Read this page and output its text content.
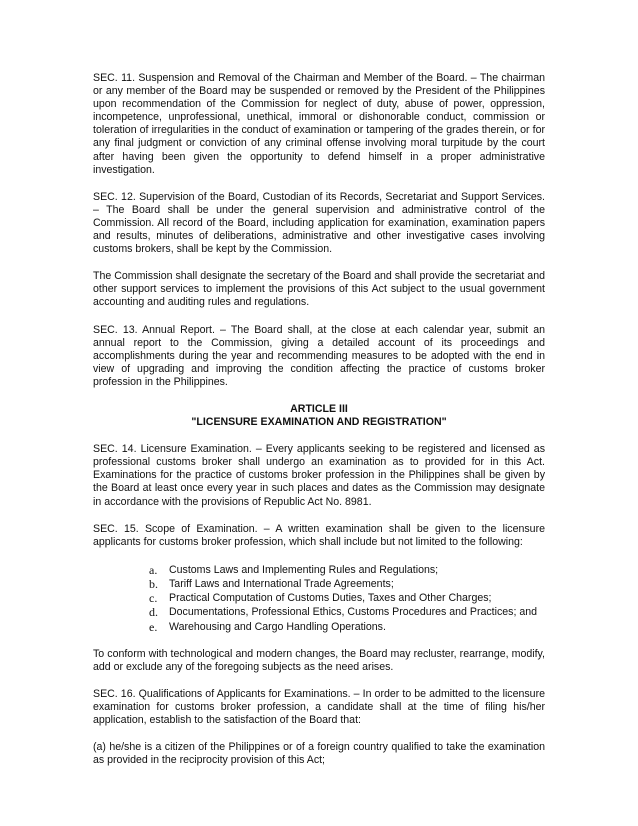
SEC. 11. Suspension and Removal of the Chairman and Member of the Board. – The chairman or any member of the Board may be suspended or removed by the President of the Philippines upon recommendation of the Commission for neglect of duty, abuse of power, oppression, incompetence, unprofessional, unethical, immoral or dishonorable conduct, commission or toleration of irregularities in the conduct of examination or tampering of the grades therein, or for any final judgment or conviction of any criminal offense involving moral turpitude by the court after having been given the opportunity to defend himself in a proper administrative investigation.

SEC. 12. Supervision of the Board, Custodian of its Records, Secretariat and Support Services. – The Board shall be under the general supervision and administrative control of the Commission. All record of the Board, including application for examination, examination papers and results, minutes of deliberations, administrative and other investigative cases involving customs brokers, shall be kept by the Commission.

The Commission shall designate the secretary of the Board and shall provide the secretariat and other support services to implement the provisions of this Act subject to the usual government accounting and auditing rules and regulations.

SEC. 13. Annual Report. – The Board shall, at the close at each calendar year, submit an annual report to the Commission, giving a detailed account of its proceedings and accomplishments during the year and recommending measures to be adopted with the end in view of upgrading and improving the condition affecting the practice of customs broker profession in the Philippines.

ARTICLE III
"LICENSURE EXAMINATION AND REGISTRATION"

SEC. 14. Licensure Examination. – Every applicants seeking to be registered and licensed as professional customs broker shall undergo an examination as to provided for in this Act. Examinations for the practice of customs broker profession in the Philippines shall be given by the Board at least once every year in such places and dates as the Commission may designate in accordance with the provisions of Republic Act No. 8981.

SEC. 15. Scope of Examination. – A written examination shall be given to the licensure applicants for customs broker profession, which shall include but not limited to the following:

a.	Customs Laws and Implementing Rules and Regulations;
b.	Tariff Laws and International Trade Agreements;
c.	Practical Computation of Customs Duties, Taxes and Other Charges;
d.	Documentations, Professional Ethics, Customs Procedures and Practices; and
e.	Warehousing and Cargo Handling Operations.

To conform with technological and modern changes, the Board may recluster, rearrange, modify, add or exclude any of the foregoing subjects as the need arises.

SEC. 16. Qualifications of Applicants for Examinations. – In order to be admitted to the licensure examination for customs broker profession, a candidate shall at the time of filing his/her application, establish to the satisfaction of the Board that:

(a) he/she is a citizen of the Philippines or of a foreign country qualified to take the examination as provided in the reciprocity provision of this Act;
